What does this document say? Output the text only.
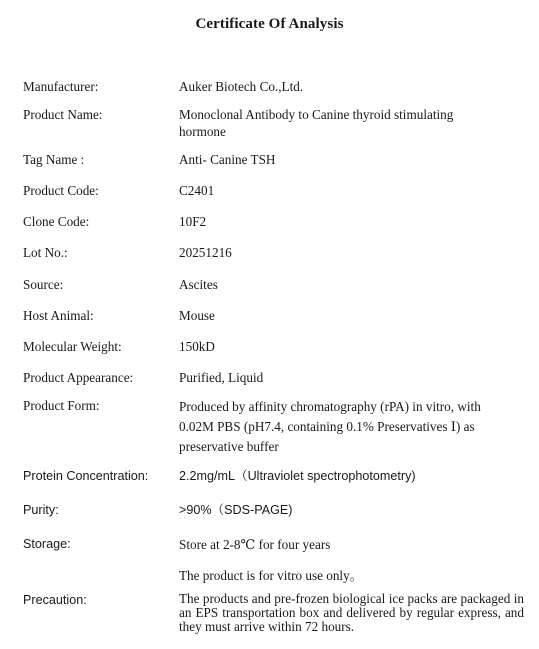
Certificate Of Analysis
Manufacturer:	Auker Biotech Co.,Ltd.
Product Name:	Monoclonal Antibody to Canine thyroid stimulating hormone
Tag Name :	Anti- Canine TSH
Product Code:	C2401
Clone Code:	10F2
Lot No.:	20251216
Source:	Ascites
Host Animal:	Mouse
Molecular Weight:	150kD
Product Appearance:	Purified, Liquid
Product Form:	Produced by affinity chromatography (rPA) in vitro, with 0.02M PBS (pH7.4, containing 0.1% Preservatives Ⅰ) as preservative buffer
Protein Concentration: 2.2mg/mL（Ultraviolet spectrophotometry)
Purity:	>90%（SDS-PAGE)
Storage:	Store at 2-8℃ for four years
The product is for vitro use only。
Precaution:	The products and pre-frozen biological ice packs are packaged in an EPS transportation box and delivered by regular express, and they must arrive within 72 hours.
